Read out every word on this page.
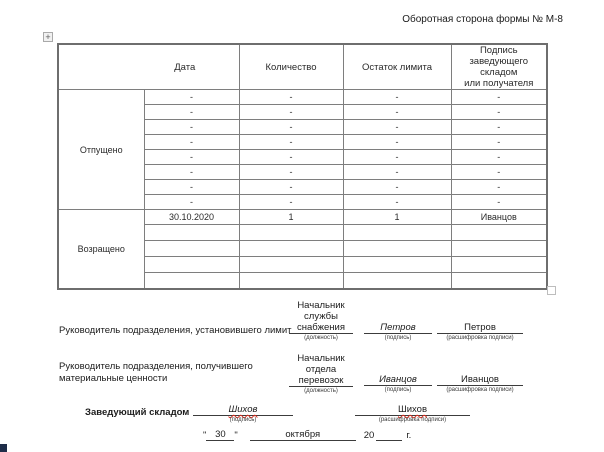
Оборотная сторона формы № М-8
+
Дата		Количество	Остаток лимита	Подпись заведующего
складом
или получателя

Отпущено	-	-	-	-
	-	-	-	-
	-	-	-	-
	-	-	-	-
	-	-	-	-
	-	-	-	-
	-	-	-	-
	-	-	-	-
Возращено	30.10.2020	1	1	Иванцов

Руководитель подразделения, установившего лимит
Начальник
службы
снабжения
(должность)
Петров
(подпись)
Петров
(расшифровка подписи)
Руководитель подразделения, получившего
материальные ценности
Начальник
отдела
перевозок
(должность)
Иванцов
(подпись)
Иванцов
(расшифровка подписи)
Заведующий складом	Шихов
(подпись)
Шихов
(расшифровка подписи)
" 30 "	октября	20	г.
